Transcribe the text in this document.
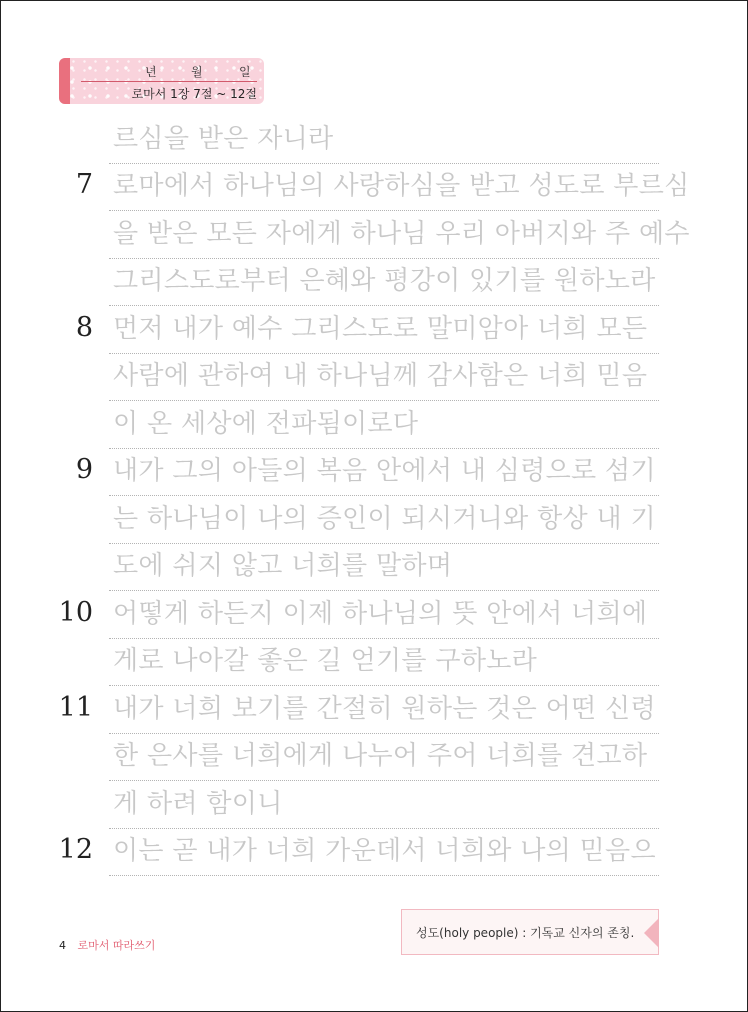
년	월	일
로마서 1장 7절 ~ 12절
르심을 받은 자니라
7 로마에서 하나님의 사랑하심을 받고 성도로 부르심
을 받은 모든 자에게 하나님 우리 아버지와 주 예수
그리스도로부터 은혜와 평강이 있기를 원하노라
8 먼저 내가 예수 그리스도로 말미암아 너희 모든
사람에 관하여 내 하나님께 감사함은 너희 믿음
이 온 세상에 전파됨이로다
9 내가 그의 아들의 복음 안에서 내 심령으로 섬기
는 하나님이 나의 증인이 되시거니와 항상 내 기
도에 쉬지 않고 너희를 말하며
10 어떻게 하든지 이제 하나님의 뜻 안에서 너희에
게로 나아갈 좋은 길 얻기를 구하노라
11 내가 너희 보기를 간절히 원하는 것은 어떤 신령
한 은사를 너희에게 나누어 주어 너희를 견고하
게 하려 함이니
12 이는 곧 내가 너희 가운데서 너희와 나의 믿음으
4 로마서 따라쓰기
성도(holy people) : 기독교 신자의 존칭.
